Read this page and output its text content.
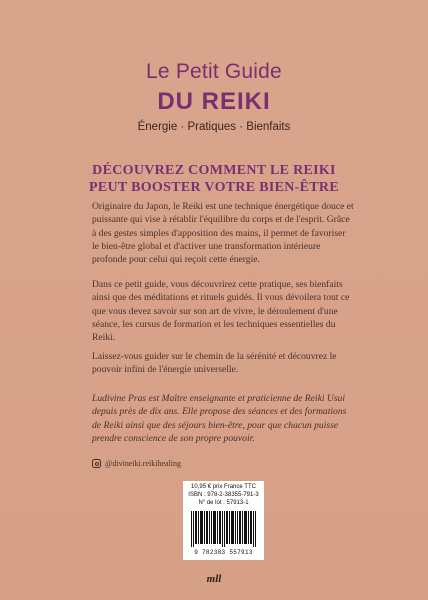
Le Petit Guide
DU REIKI
Énergie · Pratiques · Bienfaits
DÉCOUVREZ COMMENT LE REIKI
PEUT BOOSTER VOTRE BIEN-ÊTRE

Originaire du Japon, le Reiki est une technique énergétique douce et puissante qui vise à rétablir l'équilibre du corps et de l'esprit. Grâce à des gestes simples d'apposition des mains, il permet de favoriser le bien-être global et d'activer une transformation intérieure profonde pour celui qui reçoit cette énergie.

Dans ce petit guide, vous découvrirez cette pratique, ses bienfaits ainsi que des méditations et rituels guidés. Il vous dévoilera tout ce que vous devez savoir sur son art de vivre, le déroulement d'une séance, les cursus de formation et les techniques essentielles du Reiki.

Laissez-vous guider sur le chemin de la sérénité et découvrez le pouvoir infini de l'énergie universelle.

Ludivine Pras est Maître enseignante et praticienne de Reiki Usui depuis près de dix ans. Elle propose des séances et des formations de Reiki ainsi que des séjours bien-être, pour que chacun puisse prendre conscience de son propre pouvoir.

@divineiki.reikihealing
10,95 € prix France TTC
ISBN : 978-2-38355-791-3
N° de lot : 57913-1
9 782383 557913
mll
